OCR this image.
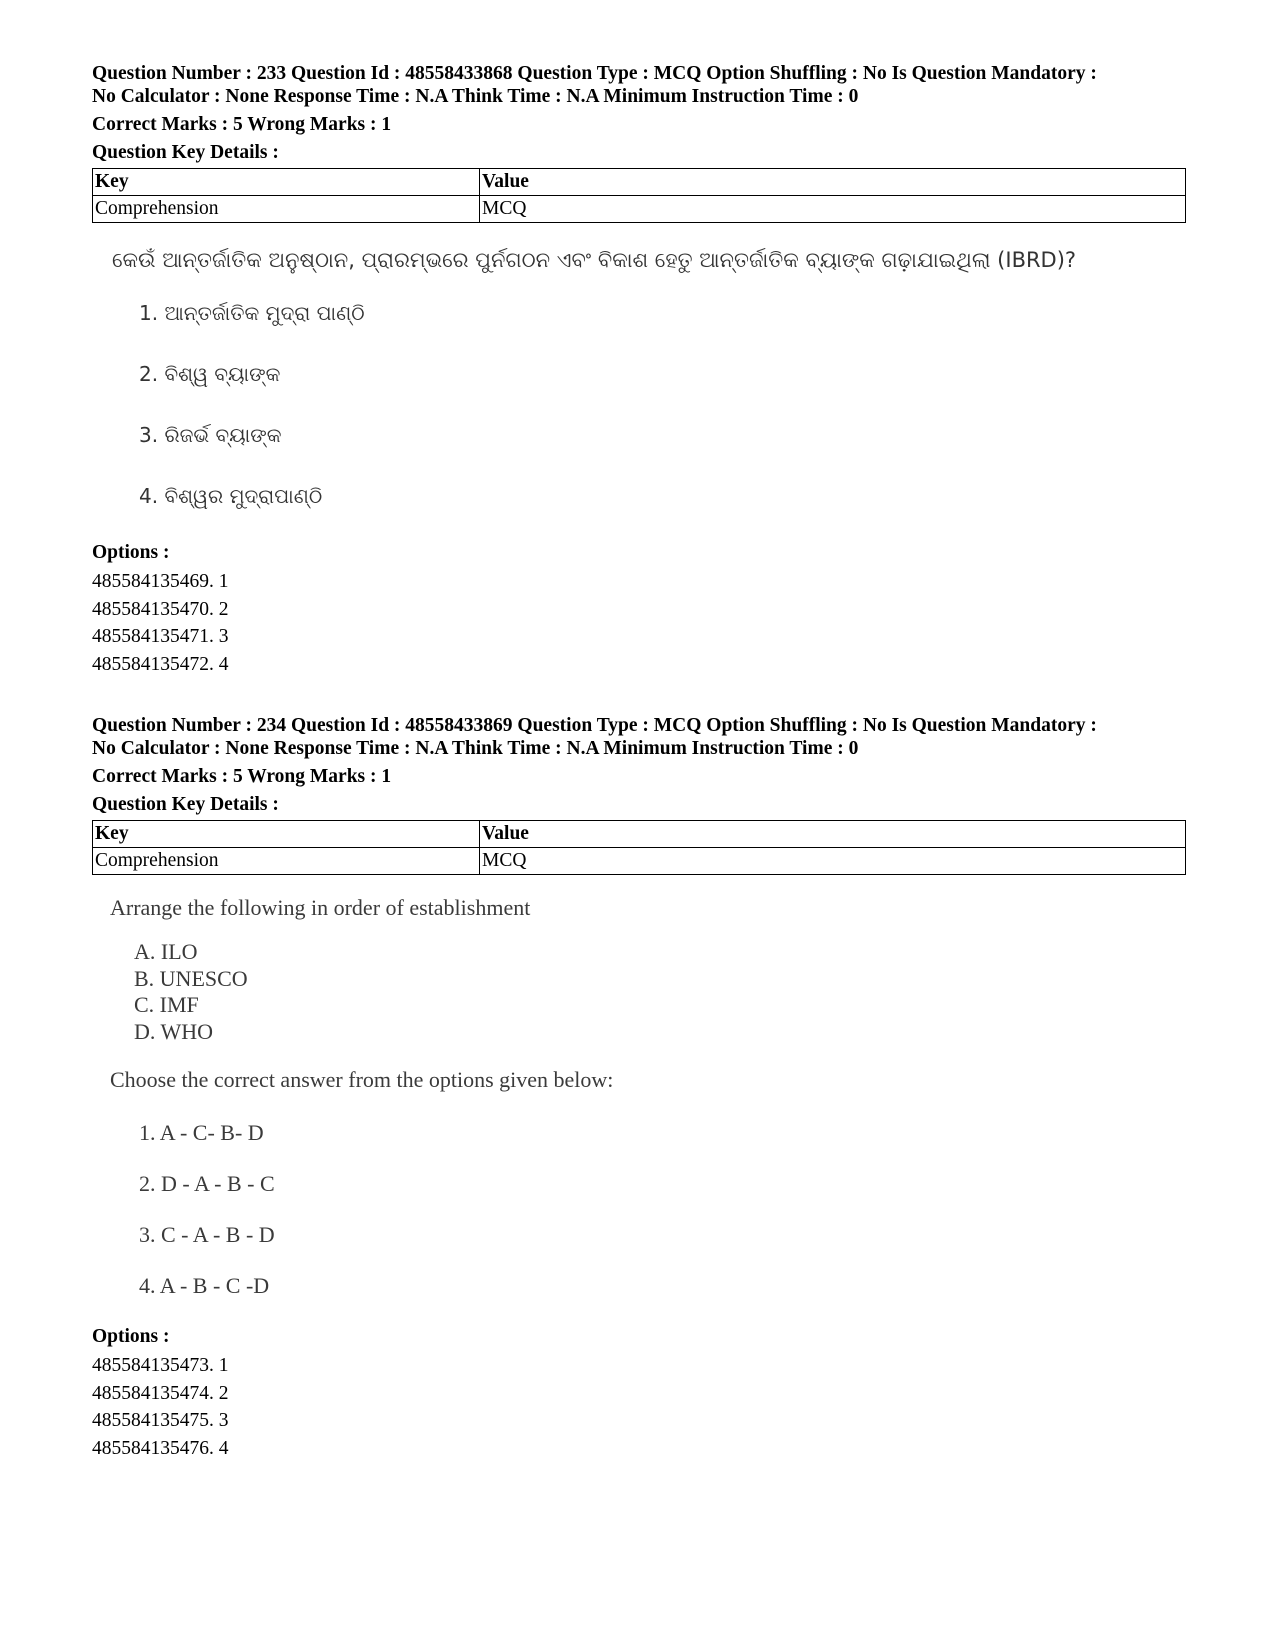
Question Number : 233 Question Id : 48558433868 Question Type : MCQ Option Shuffling : No Is Question Mandatory :
No Calculator : None Response Time : N.A Think Time : N.A Minimum Instruction Time : 0

Correct Marks : 5 Wrong Marks : 1

Question Key Details :

Key	Value
Comprehension	MCQ

କେଉଁ ଆନ୍ତର୍ଜାତିକ ଅନୁଷ୍ଠାନ, ପ୍ରାରମ୍ଭରେ ପୁର୍ନଗଠନ ଏବଂ ବିକାଶ ହେତୁ ଆନ୍ତର୍ଜାତିକ ବ୍ୟାଙ୍କ ଗଢ଼ାଯାଇଥିଲା (IBRD)?

1. ଆନ୍ତର୍ଜାତିକ ମୁଦ୍ରା ପାଣ୍ଠି
2. ବିଶ୍ୱ ବ୍ୟାଙ୍କ
3. ରିଜର୍ଭ ବ୍ୟାଙ୍କ
4. ବିଶ୍ୱର ମୁଦ୍ରାପାଣ୍ଠି

Options :

485584135469. 1
485584135470. 2
485584135471. 3
485584135472. 4

Question Number : 234 Question Id : 48558433869 Question Type : MCQ Option Shuffling : No Is Question Mandatory :
No Calculator : None Response Time : N.A Think Time : N.A Minimum Instruction Time : 0

Correct Marks : 5 Wrong Marks : 1

Question Key Details :

Key	Value
Comprehension	MCQ

Arrange the following in order of establishment

A. ILO
B. UNESCO
C. IMF
D. WHO

Choose the correct answer from the options given below:

1. A - C- B- D
2. D - A - B - C
3. C - A - B - D
4. A - B - C -D

Options :

485584135473. 1
485584135474. 2
485584135475. 3
485584135476. 4
